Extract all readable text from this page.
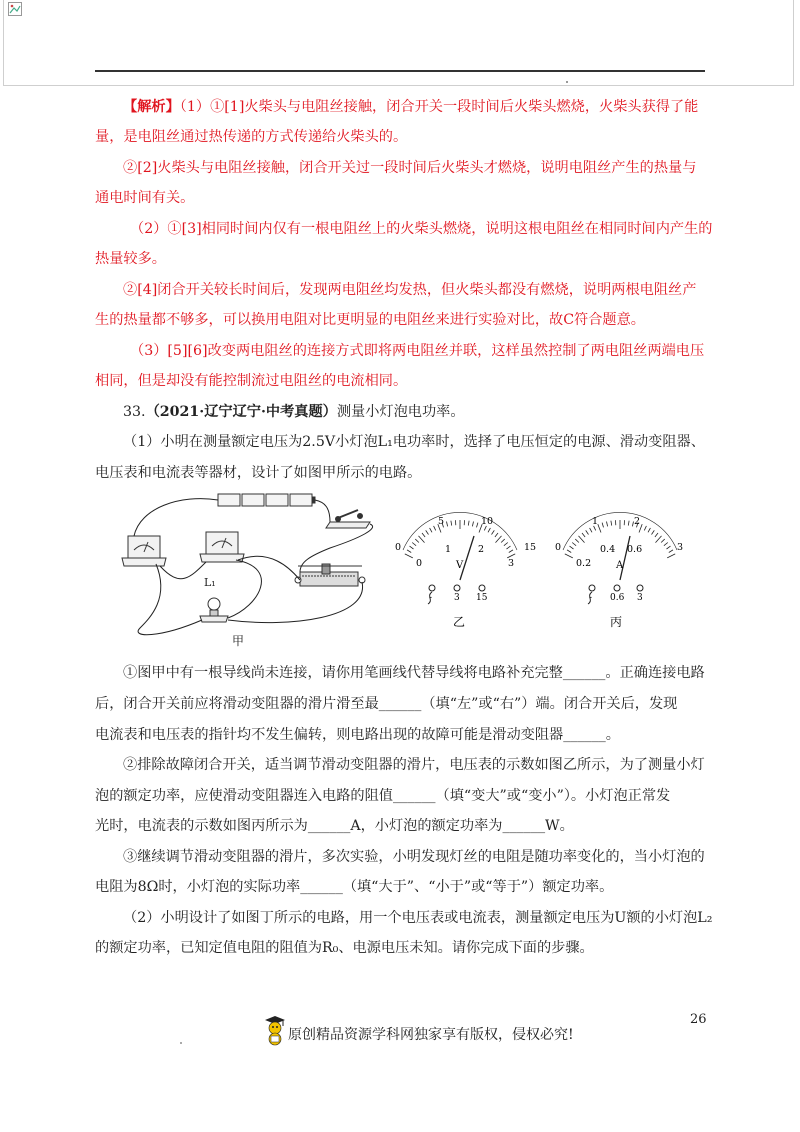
【解析】（1）①[1]火柴头与电阻丝接触，闭合开关一段时间后火柴头燃烧，火柴头获得了能
量，是电阻丝通过热传递的方式传递给火柴头的。
②[2]火柴头与电阻丝接触，闭合开关过一段时间后火柴头才燃烧，说明电阻丝产生的热量与
通电时间有关。
（2）①[3]相同时间内仅有一根电阻丝上的火柴头燃烧，说明这根电阻丝在相同时间内产生的
热量较多。
②[4]闭合开关较长时间后，发现两电阻丝均发热，但火柴头都没有燃烧，说明两根电阻丝产
生的热量都不够多，可以换用电阻对比更明显的电阻丝来进行实验对比，故C符合题意。
（3）[5][6]改变两电阻丝的连接方式即将两电阻丝并联，这样虽然控制了两电阻丝两端电压
相同，但是却没有能控制流过电阻丝的电流相同。
33.（2021·辽宁辽宁·中考真题）测量小灯泡电功率。
（1）小明在测量额定电压为2.5V小灯泡L₁电功率时，选择了电压恒定的电源、滑动变阻器、
电压表和电流表等器材，设计了如图甲所示的电路。
L₁
甲
5	10
15
0
0
1	2
3
V
- 3 15
乙
1	2
3
0
0.2
0.4 0.6
A
- 0.6 3
丙
①图甲中有一根导线尚未连接，请你用笔画线代替导线将电路补充完整______。正确连接电路
后，闭合开关前应将滑动变阻器的滑片滑至最______（填“左”或“右”）端。闭合开关后，发现
电流表和电压表的指针均不发生偏转，则电路出现的故障可能是滑动变阻器______。
②排除故障闭合开关，适当调节滑动变阻器的滑片，电压表的示数如图乙所示，为了测量小灯
泡的额定功率，应使滑动变阻器连入电路的阻值______（填“变大”或“变小”）。小灯泡正常发
光时，电流表的示数如图丙所示为______A，小灯泡的额定功率为______W。
③继续调节滑动变阻器的滑片，多次实验，小明发现灯丝的电阻是随功率变化的，当小灯泡的
电阻为8Ω时，小灯泡的实际功率______（填“大于”、“小于”或“等于”）额定功率。
（2）小明设计了如图丁所示的电路，用一个电压表或电流表，测量额定电压为U额的小灯泡L₂
的额定功率，已知定值电阻的阻值为R₀、电源电压未知。请你完成下面的步骤。
26
原创精品资源学科网独家享有版权，侵权必究!
